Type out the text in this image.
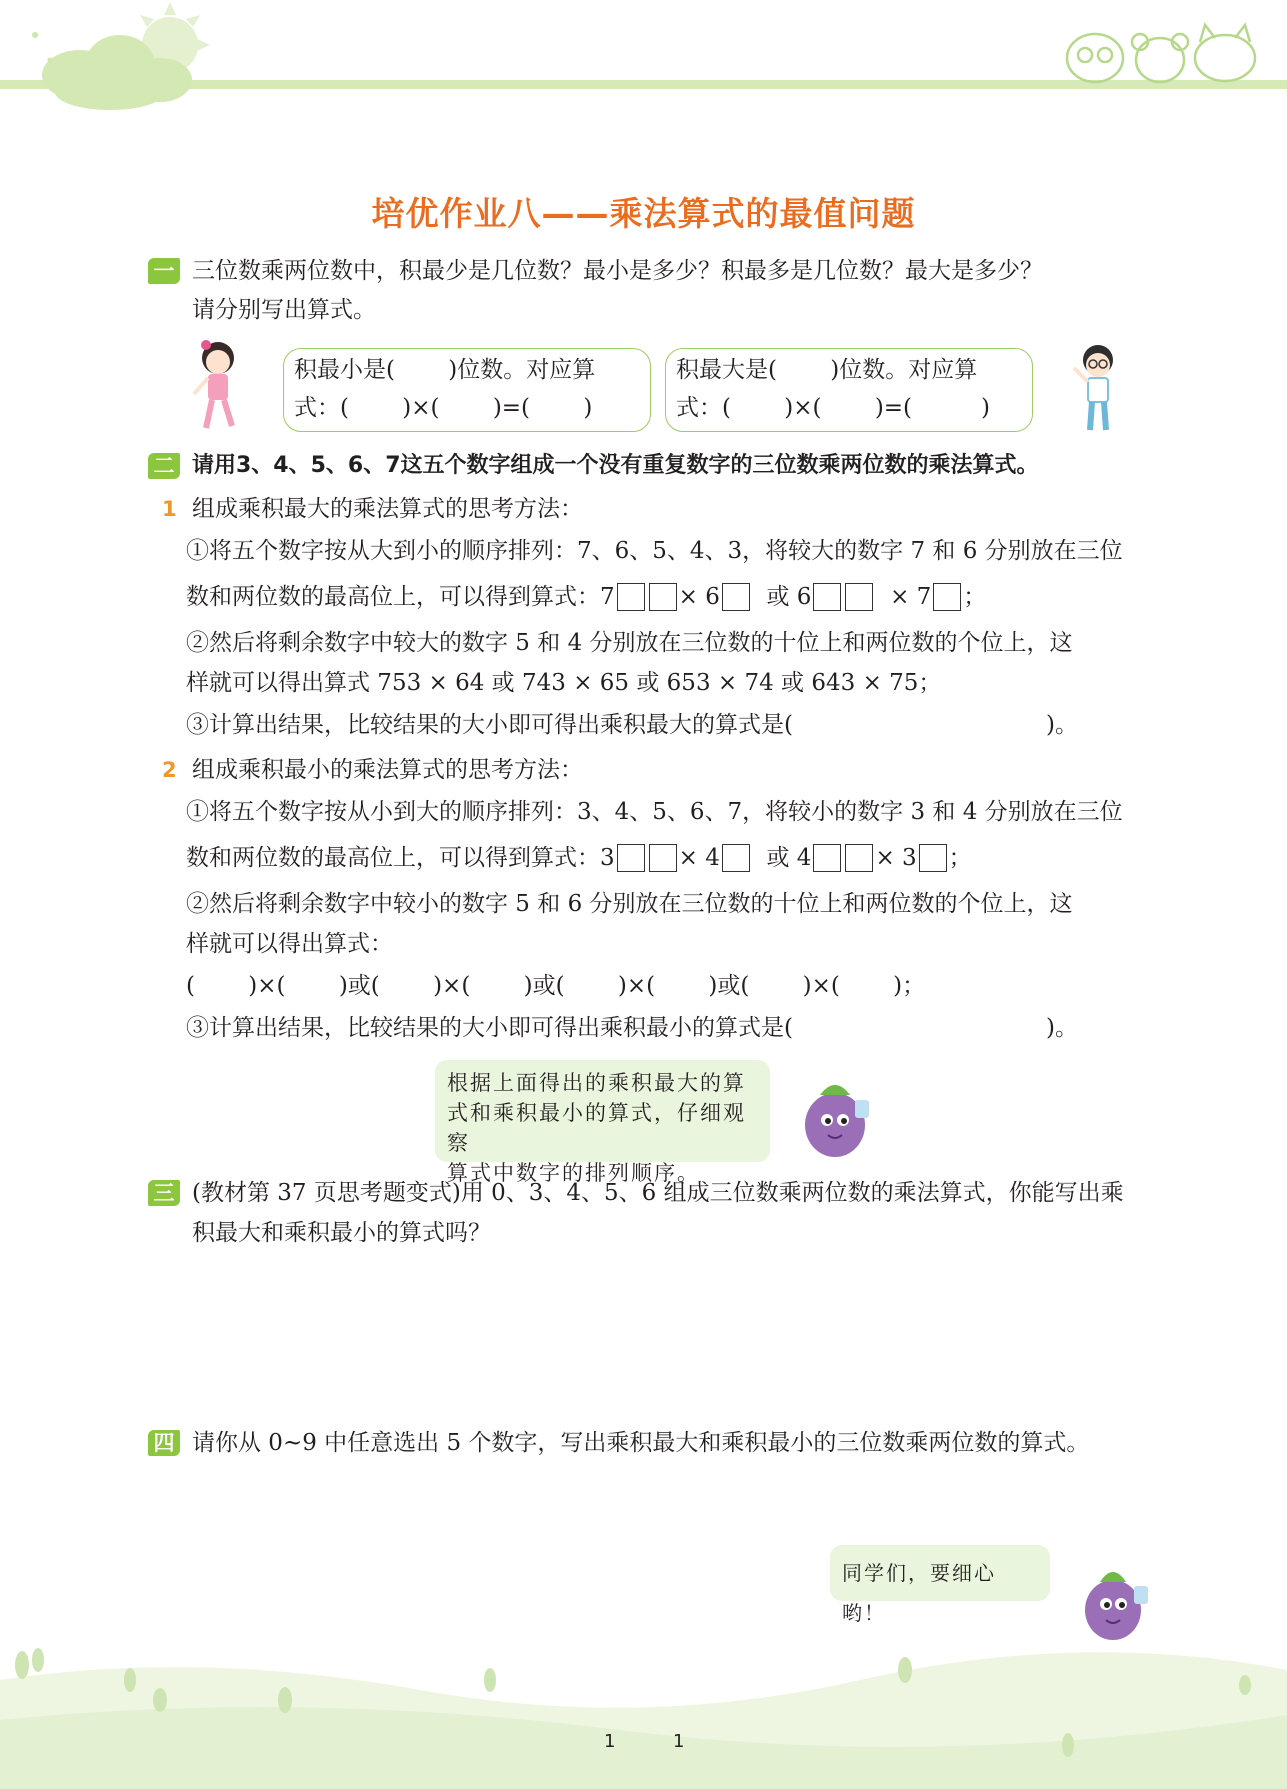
培优作业八——乘法算式的最值问题
一 三位数乘两位数中，积最少是几位数？最小是多少？积最多是几位数？最大是多少？
请分别写出算式。
积最小是(　　 )位数。对应算
式：(　　 )×(　　 )=(　　 )
积最大是(　　 )位数。对应算
式：(　　 )×(　　 )=(　　　)
二 请用3、4、5、6、7这五个数字组成一个没有重复数字的三位数乘两位数的乘法算式。
1 组成乘积最大的乘法算式的思考方法：
①将五个数字按从大到小的顺序排列：7、6、5、4、3，将较大的数字 7 和 6 分别放在三位
数和两位数的最高位上，可以得到算式：7	× 6 或 6	× 7 ；
②然后将剩余数字中较大的数字 5 和 4 分别放在三位数的十位上和两位数的个位上，这
样就可以得出算式 753 × 64 或 743 × 65 或 653 × 74 或 643 × 75；
③计算出结果，比较结果的大小即可得出乘积最大的算式是(　　　　　　　　　　　)。
2 组成乘积最小的乘法算式的思考方法：
①将五个数字按从小到大的顺序排列：3、4、5、6、7，将较小的数字 3 和 4 分别放在三位
数和两位数的最高位上，可以得到算式：3	× 4 或 4	× 3 ；
②然后将剩余数字中较小的数字 5 和 6 分别放在三位数的十位上和两位数的个位上，这
样就可以得出算式：
(　　 )×(　　 )或(　　 )×(　　 )或(　　 )×(　　 )或(　　 )×(　　 )；
③计算出结果，比较结果的大小即可得出乘积最小的算式是(　　　　　　　　　　　)。
根据上面得出的乘积最大的算
式和乘积最小的算式，仔细观察
算式中数字的排列顺序。
三 (教材第 37 页思考题变式)用 0、3、4、5、6 组成三位数乘两位数的乘法算式，你能写出乘
积最大和乘积最小的算式吗？
四 请你从 0~9 中任意选出 5 个数字，写出乘积最大和乘积最小的三位数乘两位数的算式。
同学们，要细心哟！
1	1
